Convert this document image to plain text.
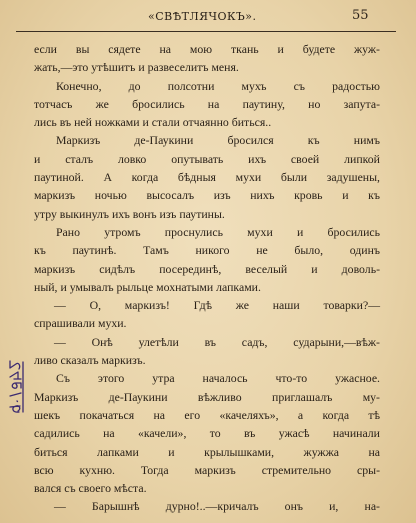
«СВѢТЛЯЧОКЪ».	55
если вы сядете на мою ткань и будете жуж-
жать,—это утѣшитъ и развеселитъ меня.
Конечно, до полсотни мухъ съ радостью
тотчасъ же бросились на паутину, но запута-
лись въ ней ножками и стали отчаянно биться..
Маркизъ де-Паукини бросился къ нимъ
и сталъ ловко опутывать ихъ своей липкой
паутиной. А когда бѣдныя мухи были задушены,
маркизъ ночью высосалъ изъ нихъ кровь и къ
утру выкинулъ ихъ вонъ изъ паутины.
Рано утромъ проснулись мухи и бросились
къ паутинѣ. Тамъ никого не было, одинъ
маркизъ сидѣлъ посерединѣ, веселый и доволь-
ный, и умывалъ рыльце мохнатыми лапками.
— О, маркизъ! Гдѣ же наши товарки?—
спрашивали мухи.
— Онѣ улетѣли въ садъ, сударыни,—вѣж-
ливо сказалъ маркизъ.
Съ этого утра началось что-то ужасное.
Маркизъ де-Паукини вѣжливо приглашалъ му-
шекъ покачаться на его «качеляхъ», а когда тѣ
садились на «качели», то въ ужасѣ начинали
биться лапками и крылышками, жужжа на
всю кухню. Тогда маркизъ стремительно сры-
вался съ своего мѣста.
— Барышнѣ дурно!..—кричалъ онъ и, на-
